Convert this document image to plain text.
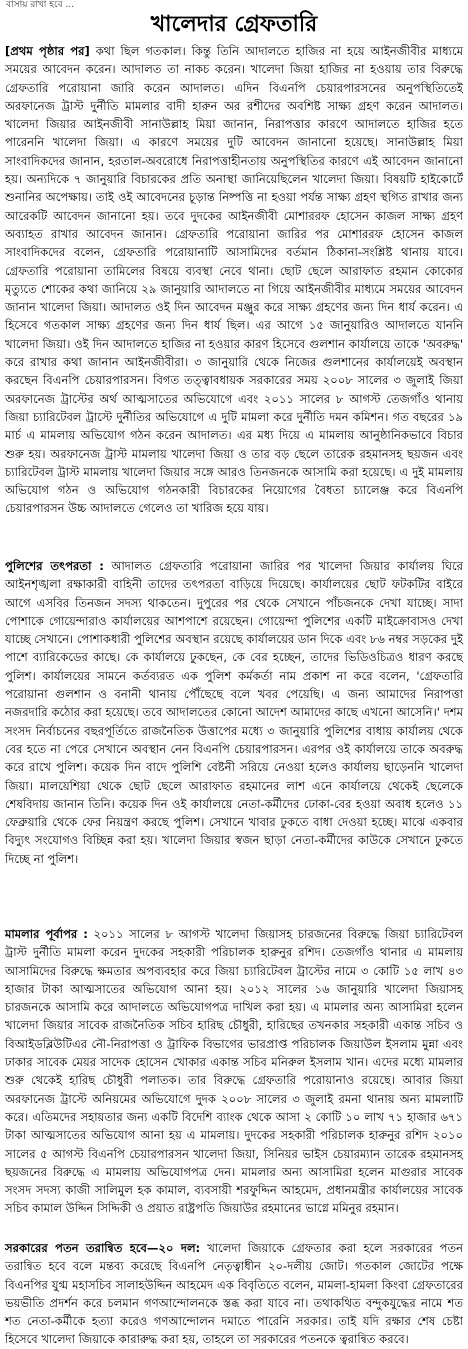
বাসায় রাখা হবে ...
খালেদার গ্রেফতারি

[প্রথম পৃষ্ঠার পর] কথা ছিল গতকাল। কিন্তু তিনি আদালতে হাজির না হয়ে আইনজীবীর মাধ্যমে সময়ের আবেদন করেন। আদালত তা নাকচ করেন। খালেদা জিয়া হাজির না হওয়ায় তার বিরুদ্ধে গ্রেফতারি পরোয়ানা জারি করেন আদালত। এদিন বিএনপি চেয়ারপারসনের অনুপস্থিতিতেই অরফানেজ ট্রাস্ট দুর্নীতি মামলার বাদী হারুন অর রশীদের অবশিষ্ট সাক্ষ্য গ্রহণ করেন আদালত। খালেদা জিয়ার আইনজীবী সানাউল্লাহ মিয়া জানান, নিরাপত্তার কারণে আদালতে হাজির হতে পারেননি খালেদা জিয়া। এ কারণে সময়ের দুটি আবেদন জানানো হয়েছে। সানাউল্লাহ মিয়া সাংবাদিকদের জানান, হরতাল-অবরোধে নিরাপত্তাহীনতায় অনুপস্থিতির কারণে এই আবেদন জানানো হয়। অন্যদিকে ৭ জানুয়ারি বিচারকের প্রতি অনাস্থা জানিয়েছিলেন খালেদা জিয়া। বিষয়টি হাইকোর্টে শুনানির অপেক্ষায়। তাই ওই আবেদনের চূড়ান্ত নিষ্পত্তি না হওয়া পর্যন্ত সাক্ষ্য গ্রহণ স্থগিত রাখার জন্য আরেকটি আবেদন জানানো হয়। তবে দুদকের আইনজীবী মোশাররফ হোসেন কাজল সাক্ষ্য গ্রহণ অব্যাহত রাখার আবেদন জানান। গ্রেফতারি পরোয়ানা জারির পর মোশাররফ হোসেন কাজল সাংবাদিকদের বলেন, গ্রেফতারি পরোয়ানাটি আসামিদের বর্তমান ঠিকানা-সংশ্লিষ্ট থানায় যাবে। গ্রেফতারি পরোয়ানা তামিলের বিষয়ে ব্যবস্থা নেবে থানা। ছোট ছেলে আরাফাত রহমান কোকোর মৃত্যুতে শোকের কথা জানিয়ে ২৯ জানুয়ারি আদালতে না গিয়ে আইনজীবীর মাধ্যমে সময়ের আবেদন জানান খালেদা জিয়া। আদালত ওই দিন আবেদন মঞ্জুর করে সাক্ষ্য গ্রহণের জন্য দিন ধার্য করেন। এ হিসেবে গতকাল সাক্ষ্য গ্রহণের জন্য দিন ধার্য ছিল। এর আগে ১৫ জানুয়ারিও আদালতে যাননি খালেদা জিয়া। ওই দিন আদালতে হাজির না হওয়ার কারণ হিসেবে গুলশান কার্যালয়ে তাকে 'অবরুদ্ধ' করে রাখার কথা জানান আইনজীবীরা। ৩ জানুয়ারি থেকে নিজের গুলশানের কার্যালয়েই অবস্থান করছেন বিএনপি চেয়ারপারসন। বিগত তত্ত্বাবধায়ক সরকারের সময় ২০০৮ সালের ৩ জুলাই জিয়া অরফানেজ ট্রাস্টের অর্থ আত্মসাতের অভিযোগে এবং ২০১১ সালের ৮ আগস্ট তেজগাঁও থানায় জিয়া চ্যারিটেবল ট্রাস্টে দুর্নীতির অভিযোগে এ দুটি মামলা করে দুর্নীতি দমন কমিশন। গত বছরের ১৯ মার্চ এ মামলায় অভিযোগ গঠন করেন আদালত। এর মধ্য দিয়ে এ মামলায় আনুষ্ঠানিকভাবে বিচার শুরু হয়। অরফানেজ ট্রাস্ট মামলায় খালেদা জিয়া ও তার বড় ছেলে তারেক রহমানসহ ছয়জন এবং চ্যারিটেবল ট্রাস্ট মামলায় খালেদা জিয়ার সঙ্গে আরও তিনজনকে আসামি করা হয়েছে। এ দুই মামলায় অভিযোগ গঠন ও অভিযোগ গঠনকারী বিচারকের নিয়োগের বৈধতা চ্যালেঞ্জ করে বিএনপি চেয়ারপারসন উচ্চ আদালতে গেলেও তা খারিজ হয়ে যায়।

পুলিশের তৎপরতা : আদালত গ্রেফতারি পরোয়ানা জারির পর খালেদা জিয়ার কার্যালয় ঘিরে আইনশৃঙ্খলা রক্ষাকারী বাহিনী তাদের তৎপরতা বাড়িয়ে দিয়েছে। কার্যালয়ের ছোট ফটকটির বাইরে আগে এসবির তিনজন সদস্য থাকতেন। দুপুরের পর থেকে সেখানে পাঁচজনকে দেখা যাচ্ছে। সাদা পোশাকে গোয়েন্দারাও কার্যালয়ের আশপাশে রয়েছেন। গোয়েন্দা পুলিশের একটি মাইক্রোবাসও দেখা যাচ্ছে সেখানে। পোশাকধারী পুলিশের অবস্থান রয়েছে কার্যালয়ের ডান দিকে এবং ৮৬ নম্বর সড়কের দুই পাশে ব্যারিকেডের কাছে। কে কার্যালয়ে ঢুকছেন, কে বের হচ্ছেন, তাদের ভিডিওচিত্রও ধারণ করছে পুলিশ। কার্যালয়ের সামনে কর্তব্যরত এক পুলিশ কর্মকর্তা নাম প্রকাশ না করে বলেন, 'গ্রেফতারি পরোয়ানা গুলশান ও বনানী থানায় পৌঁছেছে বলে খবর পেয়েছি। এ জন্য আমাদের নিরাপত্তা নজরদারি কঠোর করা হয়েছে। তবে আদালতের কোনো আদেশ আমাদের কাছে এখনো আসেনি।' দশম সংসদ নির্বাচনের বছরপূর্তিতে রাজনৈতিক উত্তাপের মধ্যে ৩ জানুয়ারি পুলিশের বাধায় কার্যালয় থেকে বের হতে না পেরে সেখানে অবস্থান নেন বিএনপি চেয়ারপারসন। এরপর ওই কার্যালয়ে তাকে অবরুদ্ধ করে রাখে পুলিশ। কয়েক দিন বাদে পুলিশি বেষ্টনী সরিয়ে নেওয়া হলেও কার্যালয় ছাড়েননি খালেদা জিয়া। মালয়েশিয়া থেকে ছোট ছেলে আরাফাত রহমানের লাশ এনে কার্যালয়ে থেকেই ছেলেকে শেষবিদায় জানান তিনি। কয়েক দিন ওই কার্যালয়ে নেতা-কর্মীদের ঢোকা-বের হওয়া অবাধ হলেও ১১ ফেব্রুয়ারি থেকে ফের নিয়ন্ত্রণ করছে পুলিশ। সেখানে খাবার ঢুকতে বাধা দেওয়া হচ্ছে। মাঝে একবার বিদ্যুৎ সংযোগও বিচ্ছিন্ন করা হয়। খালেদা জিয়ার স্বজন ছাড়া নেতা-কর্মীদের কাউকে সেখানে ঢুকতে দিচ্ছে না পুলিশ।

মামলার পূর্বাপর : ২০১১ সালের ৮ আগস্ট খালেদা জিয়াসহ চারজনের বিরুদ্ধে জিয়া চ্যারিটেবল ট্রাস্ট দুর্নীতি মামলা করেন দুদকের সহকারী পরিচালক হারুনুর রশিদ। তেজগাঁও থানার এ মামলায় আসামিদের বিরুদ্ধে ক্ষমতার অপব্যবহার করে জিয়া চ্যারিটেবল ট্রাস্টের নামে ৩ কোটি ১৫ লাখ ৪৩ হাজার টাকা আত্মসাতের অভিযোগ আনা হয়। ২০১২ সালের ১৬ জানুয়ারি খালেদা জিয়াসহ চারজনকে আসামি করে আদালতে অভিযোগপত্র দাখিল করা হয়। এ মামলার অন্য আসামিরা হলেন খালেদা জিয়ার সাবেক রাজনৈতিক সচিব হারিছ চৌধুরী, হারিছের তখনকার সহকারী একান্ত সচিব ও বিআইডব্লিউটিএর নৌ-নিরাপত্তা ও ট্রাফিক বিভাগের ভারপ্রাপ্ত পরিচালক জিয়াউল ইসলাম মুন্না এবং ঢাকার সাবেক মেয়র সাদেক হোসেন খোকার একান্ত সচিব মনিরুল ইসলাম খান। এদের মধ্যে মামলার শুরু থেকেই হারিছ চৌধুরী পলাতক। তার বিরুদ্ধে গ্রেফতারি পরোয়ানাও রয়েছে। আবার জিয়া অরফানেজ ট্রাস্টে অনিয়মের অভিযোগে দুদক ২০০৮ সালের ৩ জুলাই রমনা থানায় অন্য মামলাটি করে। এতিমদের সহায়তার জন্য একটি বিদেশি ব্যাংক থেকে আসা ২ কোটি ১০ লাখ ৭১ হাজার ৬৭১ টাকা আত্মসাতের অভিযোগ আনা হয় এ মামলায়। দুদকের সহকারী পরিচালক হারুনুর রশিদ ২০১০ সালের ৫ আগস্ট বিএনপি চেয়ারপারসন খালেদা জিয়া, সিনিয়র ভাইস চেয়ারম্যান তারেক রহমানসহ ছয়জনের বিরুদ্ধে এ মামলায় অভিযোগপত্র দেন। মামলার অন্য আসামিরা হলেন মাগুরার সাবেক সংসদ সদস্য কাজী সালিমুল হক কামাল, ব্যবসায়ী শরফুদ্দিন আহমেদ, প্রধানমন্ত্রীর কার্যালয়ের সাবেক সচিব কামাল উদ্দিন সিদ্দিকী ও প্রয়াত রাষ্ট্রপতি জিয়াউর রহমানের ভাগ্নে মমিনুর রহমান।

সরকারের পতন তরান্বিত হবে—২০ দল: খালেদা জিয়াকে গ্রেফতার করা হলে সরকারের পতন তরান্বিত হবে বলে মন্তব্য করেছে বিএনপি নেতৃত্বাধীন ২০-দলীয় জোট। গতকাল জোটের পক্ষে বিএনপির যুগ্ম মহাসচিব সালাহউদ্দিন আহমেদ এক বিবৃতিতে বলেন, মামলা-হামলা কিংবা গ্রেফতারের ভয়ভীতি প্রদর্শন করে চলমান গণআন্দোলনকে স্তব্ধ করা যাবে না। তথাকথিত বন্দুকযুদ্ধের নামে শত শত নেতা-কর্মীকে হত্যা করেও গণআন্দোলন দমাতে পারেনি সরকার। তাই যদি রক্ষার শেষ চেষ্টা হিসেবে খালেদা জিয়াকে কারারুদ্ধ করা হয়, তাহলে তা সরকারের পতনকে ত্বরান্বিত করবে।
